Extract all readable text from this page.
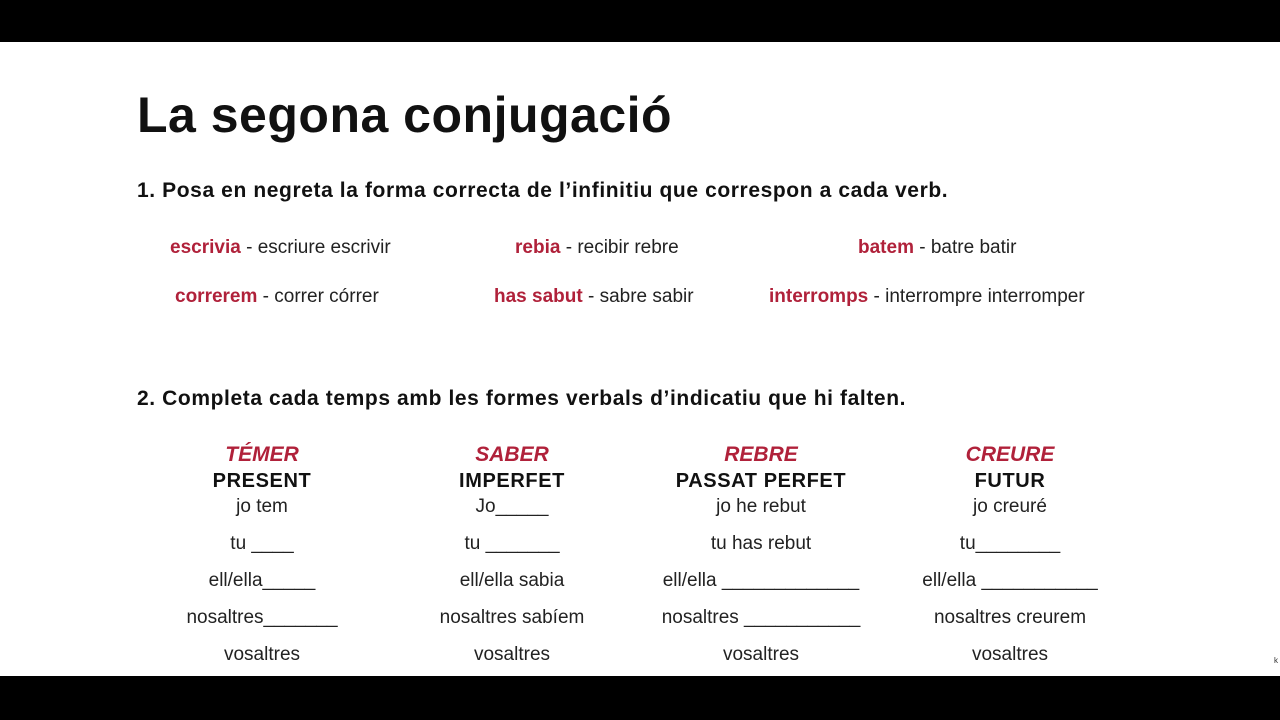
La segona conjugació
1. Posa en negreta la forma correcta de l’infinitiu que correspon a cada verb.
escrivia - escriure escrivir	rebia - recibir rebre	batem - batre batir
correrem - correr córrer	has sabut - sabre sabir	interromps - interrompre interromper
2. Completa cada temps amb les formes verbals d’indicatiu que hi falten.
TÉMER
PRESENT
jo tem
tu ____
ell/ella_____
nosaltres_______
vosaltres
SABER
IMPERFET
Jo_____
tu _______
ell/ella sabia
nosaltres sabíem
vosaltres
REBRE
PASSAT PERFET
jo he rebut
tu has rebut
ell/ella _____________
nosaltres ___________
vosaltres
CREURE
FUTUR
jo creuré
tu________
ell/ella ___________
nosaltres creurem
vosaltres	k
